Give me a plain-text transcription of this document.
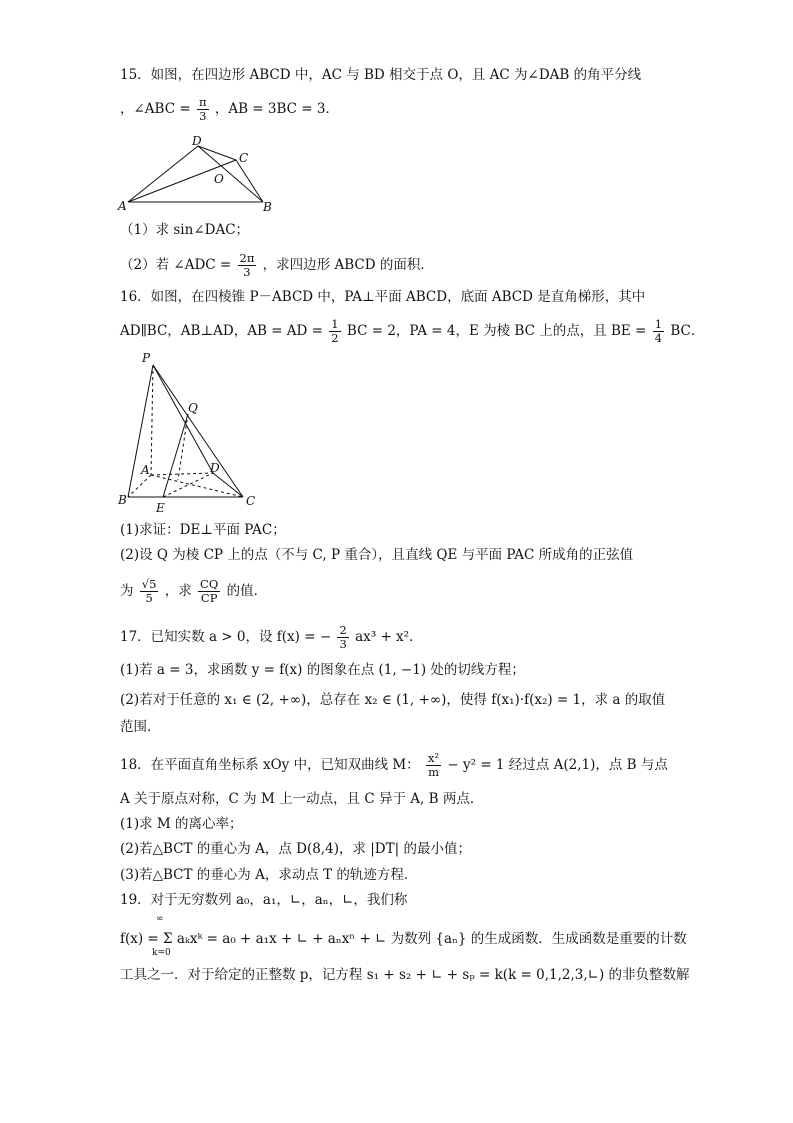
15．如图，在四边形 ABCD 中，AC 与 BD 相交于点 O，且 AC 为∠DAB 的角平分线
，∠ABC = $\frac{\pi}{3}$ ，AB = 3BC = 3．
A	B
C
D
O
（1）求 sin∠DAC；
（2）若 ∠ADC = $\frac{2\pi}{3}$ ，求四边形 ABCD 的面积．
16．如图，在四棱锥 P－ABCD 中，PA⊥平面 ABCD，底面 ABCD 是直角梯形，其中
AD∥BC，AB⊥AD，AB = AD = $\frac{1}{2}$ BC = 2，PA = 4，E 为棱 BC 上的点，且 BE = $\frac{1}{4}$ BC．
P
Q
A	D
B
E	C
(1)求证：DE⊥平面 PAC；
(2)设 Q 为棱 CP 上的点（不与 C, P 重合），且直线 QE 与平面 PAC 所成角的正弦值
为 $\frac{√5}{5}$ ，求 $\frac{CQ}{CP}$ 的值．
17．已知实数 a > 0，设 f(x) = − $\frac{2}{3} ax^3 + x^2$．
(1)若 a = 3，求函数 y = f(x) 的图象在点 (1, −1) 处的切线方程；
(2)若对于任意的 x₁ ∈ (2, +∞)，总存在 x₂ ∈ (1, +∞)，使得 f(x₁)·f(x₂) = 1，求 a 的取值
范围．
18．在平面直角坐标系 xOy 中，已知双曲线 M： $\frac{\text{x²}}{m} - y^2 = 1$ 经过点 A(2,1)，点 B 与点
A 关于原点对称，C 为 M 上一动点，且 C 异于 A, B 两点．
(1)求 M 的离心率；
(2)若△BCT 的重心为 A，点 D(8,4)，求 |DT| 的最小值；
(3)若△BCT 的垂心为 A，求动点 T 的轨迹方程．
19．对于无穷数列 a₀，a₁，∟，aₙ，∟，我们称
f(x) = Σ aₖxᵏ = a₀ + a₁x + ∟ + aₙxⁿ + ∟ 为数列 {aₙ} 的生成函数．生成函数是重要的计数
∞
k=0
工具之一．对于给定的正整数 p，记方程 s₁ + s₂ + ∟ + sₚ = k(k = 0,1,2,3,∟) 的非负整数解
